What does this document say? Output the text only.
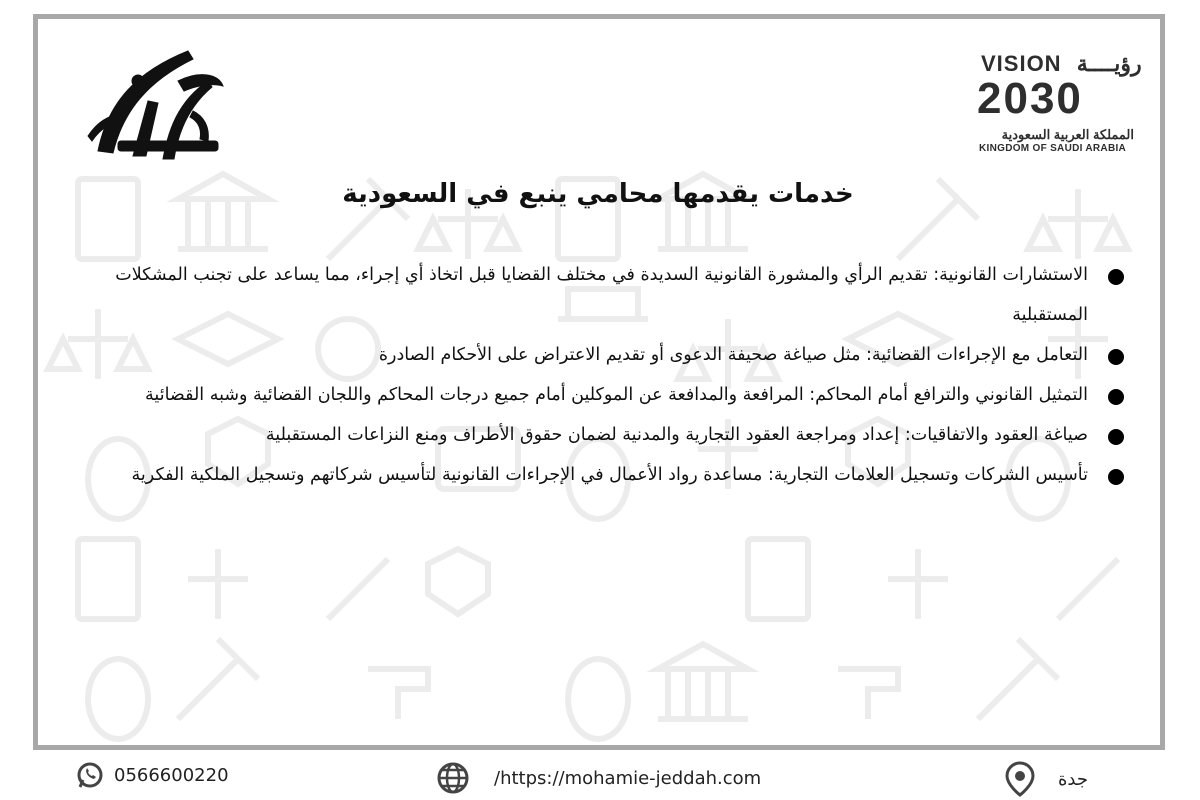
VISION رؤيــــة
2030
المملكة العربية السعودية
KINGDOM OF SAUDI ARABIA
خدمات يقدمها محامي ينبع في السعودية
الاستشارات القانونية: تقديم الرأي والمشورة القانونية السديدة في مختلف القضايا قبل اتخاذ أي إجراء، مما يساعد على تجنب المشكلات المستقبلية
التعامل مع الإجراءات القضائية: مثل صياغة صحيفة الدعوى أو تقديم الاعتراض على الأحكام الصادرة
التمثيل القانوني والترافع أمام المحاكم: المرافعة والمدافعة عن الموكلين أمام جميع درجات المحاكم واللجان القضائية وشبه القضائية
صياغة العقود والاتفاقيات: إعداد ومراجعة العقود التجارية والمدنية لضمان حقوق الأطراف ومنع النزاعات المستقبلية
تأسيس الشركات وتسجيل العلامات التجارية: مساعدة رواد الأعمال في الإجراءات القانونية لتأسيس شركاتهم وتسجيل الملكية الفكرية
0566600220	/https://mohamie-jeddah.com	جدة
